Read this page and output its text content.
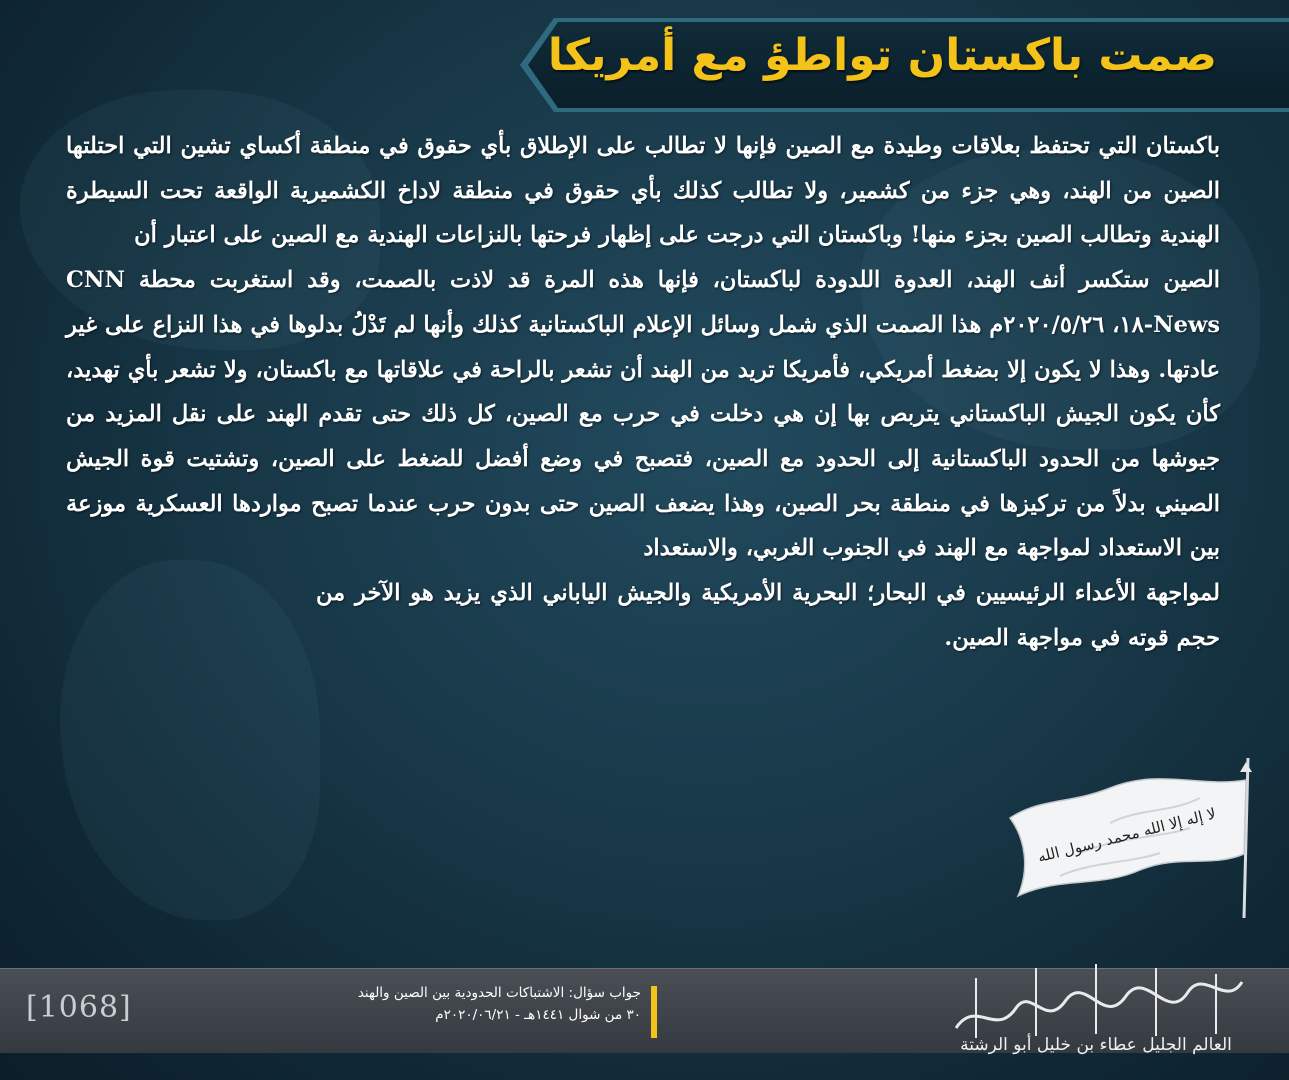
صمت باكستان تواطؤ مع أمريكا

باكستان التي تحتفظ بعلاقات وطيدة مع الصين فإنها لا تطالب على الإطلاق بأي حقوق في منطقة أكساي تشين التي احتلتها الصين من الهند، وهي جزء من كشمير، ولا تطالب كذلك بأي حقوق في منطقة لاداخ الكشميرية الواقعة تحت السيطرة الهندية وتطالب الصين بجزء منها! وباكستان التي درجت على إظهار فرحتها بالنزاعات الهندية مع الصين على اعتبار أن

الصين ستكسر أنف الهند، العدوة اللدودة لباكستان، فإنها هذه المرة قد لاذت بالصمت، وقد استغربت محطة CNN News-١٨، ٢٠٢٠/٥/٢٦م هذا الصمت الذي شمل وسائل الإعلام الباكستانية كذلك وأنها لم تَدْلُ بدلوها في هذا النزاع على غير عادتها. وهذا لا يكون إلا بضغط أمريكي، فأمريكا تريد من الهند أن تشعر بالراحة في علاقاتها مع باكستان، ولا تشعر بأي تهديد، كأن يكون الجيش الباكستاني يتربص بها إن هي دخلت في حرب مع الصين، كل ذلك حتى تقدم الهند على نقل المزيد من جيوشها من الحدود الباكستانية إلى الحدود مع الصين، فتصبح في وضع أفضل للضغط على الصين، وتشتيت قوة الجيش الصيني بدلاً من تركيزها في منطقة بحر الصين، وهذا يضعف الصين حتى بدون حرب عندما تصبح مواردها العسكرية موزعة بين الاستعداد لمواجهة مع الهند في الجنوب الغربي، والاستعداد

لمواجهة الأعداء الرئيسيين في البحار؛ البحرية الأمريكية والجيش الياباني الذي يزيد هو الآخر من حجم قوته في مواجهة الصين.

لا إله إلا الله محمد رسول الله

[1068]	جواب سؤال: الاشتباكات الحدودية بين الصين والهند
٣٠ من شوال ١٤٤١هـ - ٢٠٢٠/٠٦/٢١م
العالم الجليل عطاء بن خليل أبو الرشتة
